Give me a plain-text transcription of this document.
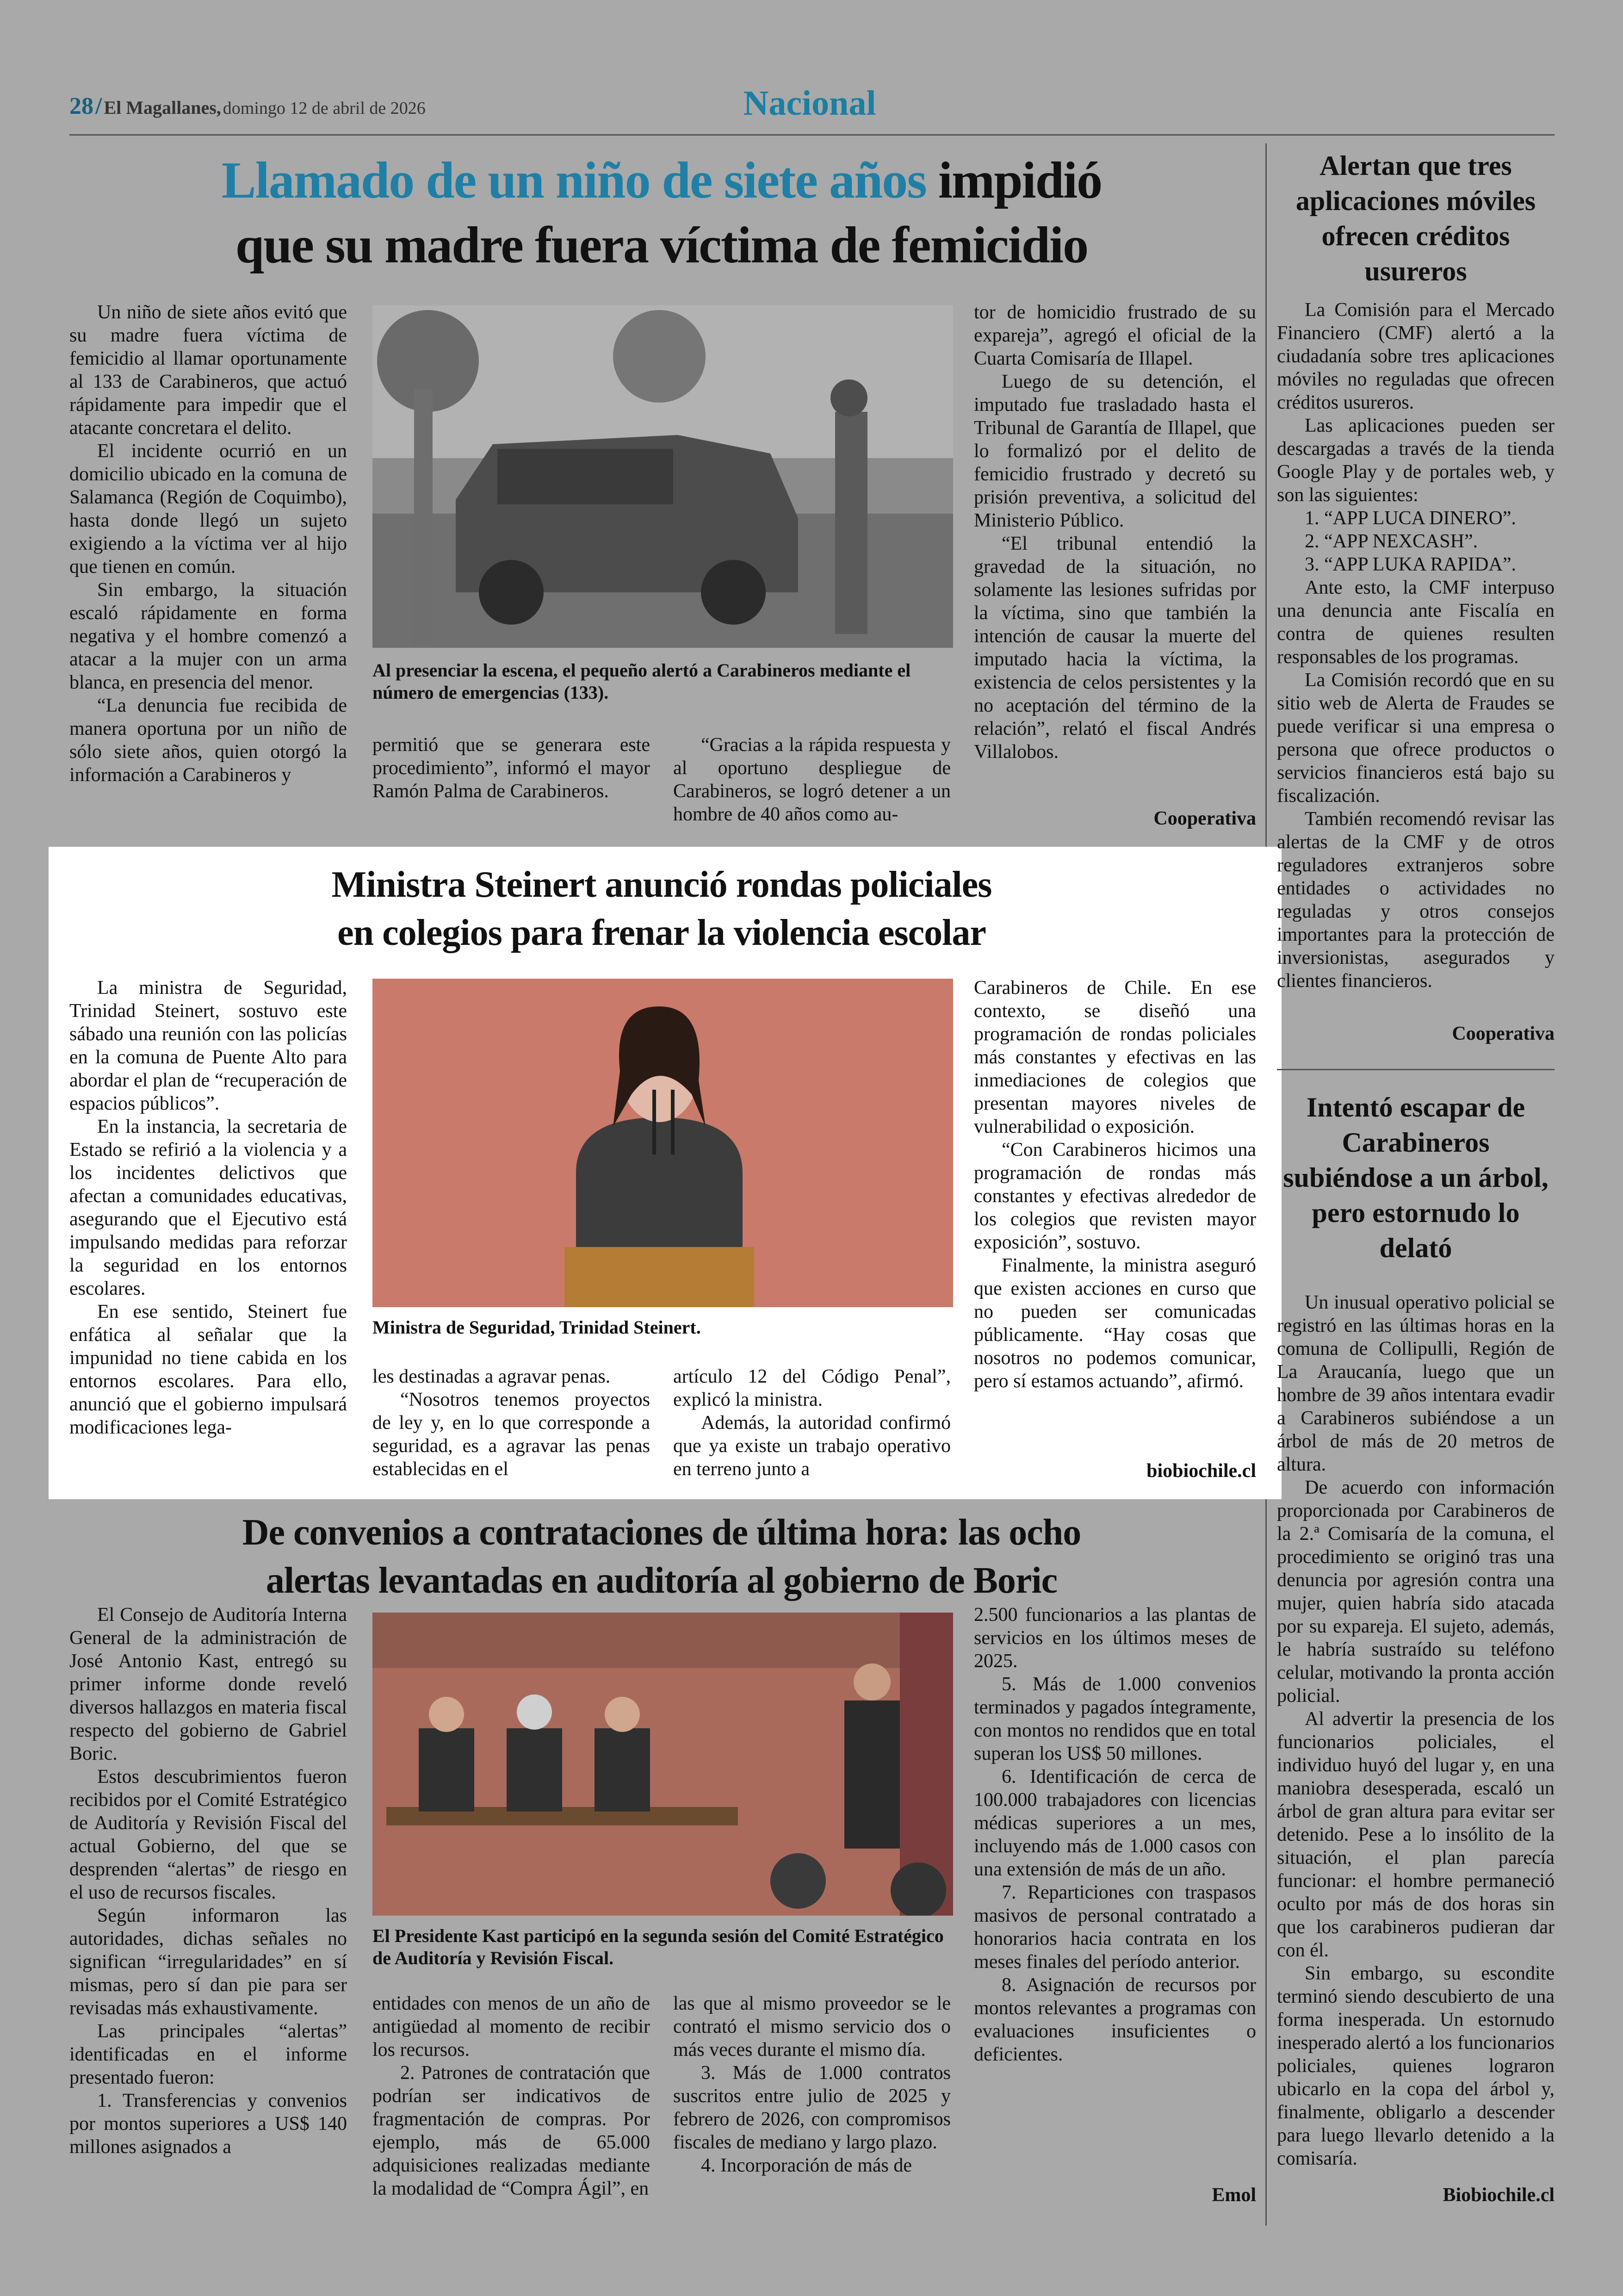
28 / El Magallanes, domingo 12 de abril de 2026	Nacional
Llamado de un niño de siete años impidió
que su madre fuera víctima de femicidio

Un niño de siete años evitó que su madre fuera víctima de femicidio al llamar oportunamente al 133 de Carabineros, que actuó rápidamente para impedir que el atacante concretara el delito.

El incidente ocurrió en un domicilio ubicado en la comuna de Salamanca (Región de Coquimbo), hasta donde llegó un sujeto exigiendo a la víctima ver al hijo que tienen en común.

Sin embargo, la situación escaló rápidamente en forma negativa y el hombre comenzó a atacar a la mujer con un arma blanca, en presencia del menor.

“La denuncia fue recibida de manera oportuna por un niño de sólo siete años, quien otorgó la información a Carabineros y

Al presenciar la escena, el pequeño alertó a Carabineros mediante el número de emergencias (133).

permitió que se generara este procedimiento”, informó el mayor Ramón Palma de Carabineros.

“Gracias a la rápida respuesta y al oportuno despliegue de Carabineros, se logró detener a un hombre de 40 años como au-

tor de homicidio frustrado de su expareja”, agregó el oficial de la Cuarta Comisaría de Illapel.

Luego de su detención, el imputado fue trasladado hasta el Tribunal de Garantía de Illapel, que lo formalizó por el delito de femicidio frustrado y decretó su prisión preventiva, a solicitud del Ministerio Público.

“El tribunal entendió la gravedad de la situación, no solamente las lesiones sufridas por la víctima, sino que también la intención de causar la muerte del imputado hacia la víctima, la existencia de celos persistentes y la no aceptación del término de la relación”, relató el fiscal Andrés Villalobos.

Cooperativa
Ministra Steinert anunció rondas policiales
en colegios para frenar la violencia escolar

La ministra de Seguridad, Trinidad Steinert, sostuvo este sábado una reunión con las policías en la comuna de Puente Alto para abordar el plan de “recuperación de espacios públicos”.

En la instancia, la secretaria de Estado se refirió a la violencia y a los incidentes delictivos que afectan a comunidades educativas, asegurando que el Ejecutivo está impulsando medidas para reforzar la seguridad en los entornos escolares.

En ese sentido, Steinert fue enfática al señalar que la impunidad no tiene cabida en los entornos escolares. Para ello, anunció que el gobierno impulsará modificaciones lega-

Ministra de Seguridad, Trinidad Steinert.

les destinadas a agravar penas.

“Nosotros tenemos proyectos de ley y, en lo que corresponde a seguridad, es a agravar las penas establecidas en el

artículo 12 del Código Penal”, explicó la ministra.

Además, la autoridad confirmó que ya existe un trabajo operativo en terreno junto a

Carabineros de Chile. En ese contexto, se diseñó una programación de rondas policiales más constantes y efectivas en las inmediaciones de colegios que presentan mayores niveles de vulnerabilidad o exposición.

“Con Carabineros hicimos una programación de rondas más constantes y efectivas alrededor de los colegios que revisten mayor exposición”, sostuvo.

Finalmente, la ministra aseguró que existen acciones en curso que no pueden ser comunicadas públicamente. “Hay cosas que nosotros no podemos comunicar, pero sí estamos actuando”, afirmó.

biobiochile.cl
De convenios a contrataciones de última hora: las ocho
alertas levantadas en auditoría al gobierno de Boric

El Consejo de Auditoría Interna General de la administración de José Antonio Kast, entregó su primer informe donde reveló diversos hallazgos en materia fiscal respecto del gobierno de Gabriel Boric.

Estos descubrimientos fueron recibidos por el Comité Estratégico de Auditoría y Revisión Fiscal del actual Gobierno, del que se desprenden “alertas” de riesgo en el uso de recursos fiscales.

Según informaron las autoridades, dichas señales no significan “irregularidades” en sí mismas, pero sí dan pie para ser revisadas más exhaustivamente.

Las principales “alertas” identificadas en el informe presentado fueron:

1. Transferencias y convenios por montos superiores a US$ 140 millones asignados a

El Presidente Kast participó en la segunda sesión del Comité Estratégico de Auditoría y Revisión Fiscal.

entidades con menos de un año de antigüedad al momento de recibir los recursos.

2. Patrones de contratación que podrían ser indicativos de fragmentación de compras. Por ejemplo, más de 65.000 adquisiciones realizadas mediante la modalidad de “Compra Ágil”, en

las que al mismo proveedor se le contrató el mismo servicio dos o más veces durante el mismo día.

3. Más de 1.000 contratos suscritos entre julio de 2025 y febrero de 2026, con compromisos fiscales de mediano y largo plazo.

4. Incorporación de más de

2.500 funcionarios a las plantas de servicios en los últimos meses de 2025.

5. Más de 1.000 convenios terminados y pagados íntegramente, con montos no rendidos que en total superan los US$ 50 millones.

6. Identificación de cerca de 100.000 trabajadores con licencias médicas superiores a un mes, incluyendo más de 1.000 casos con una extensión de más de un año.

7. Reparticiones con traspasos masivos de personal contratado a honorarios hacia contrata en los meses finales del período anterior.

8. Asignación de recursos por montos relevantes a programas con evaluaciones insuficientes o deficientes.

Emol
Alertan que tres aplicaciones móviles ofrecen créditos usureros

La Comisión para el Mercado Financiero (CMF) alertó a la ciudadanía sobre tres aplicaciones móviles no reguladas que ofrecen créditos usureros.

Las aplicaciones pueden ser descargadas a través de la tienda Google Play y de portales web, y son las siguientes:

1. “APP LUCA DINERO”.

2. “APP NEXCASH”.

3. “APP LUKA RAPIDA”.

Ante esto, la CMF interpuso una denuncia ante Fiscalía en contra de quienes resulten responsables de los programas.

La Comisión recordó que en su sitio web de Alerta de Fraudes se puede verificar si una empresa o persona que ofrece productos o servicios financieros está bajo su fiscalización.

También recomendó revisar las alertas de la CMF y de otros reguladores extranjeros sobre entidades o actividades no reguladas y otros consejos importantes para la protección de inversionistas, asegurados y clientes financieros.

Cooperativa
Intentó escapar de Carabineros subiéndose a un árbol, pero estornudo lo delató

Un inusual operativo policial se registró en las últimas horas en la comuna de Collipulli, Región de La Araucanía, luego que un hombre de 39 años intentara evadir a Carabineros subiéndose a un árbol de más de 20 metros de altura.

De acuerdo con información proporcionada por Carabineros de la 2.ª Comisaría de la comuna, el procedimiento se originó tras una denuncia por agresión contra una mujer, quien habría sido atacada por su expareja. El sujeto, además, le habría sustraído su teléfono celular, motivando la pronta acción policial.

Al advertir la presencia de los funcionarios policiales, el individuo huyó del lugar y, en una maniobra desesperada, escaló un árbol de gran altura para evitar ser detenido. Pese a lo insólito de la situación, el plan parecía funcionar: el hombre permaneció oculto por más de dos horas sin que los carabineros pudieran dar con él.

Sin embargo, su escondite terminó siendo descubierto de una forma inesperada. Un estornudo inesperado alertó a los funcionarios policiales, quienes lograron ubicarlo en la copa del árbol y, finalmente, obligarlo a descender para luego llevarlo detenido a la comisaría.

Biobiochile.cl
